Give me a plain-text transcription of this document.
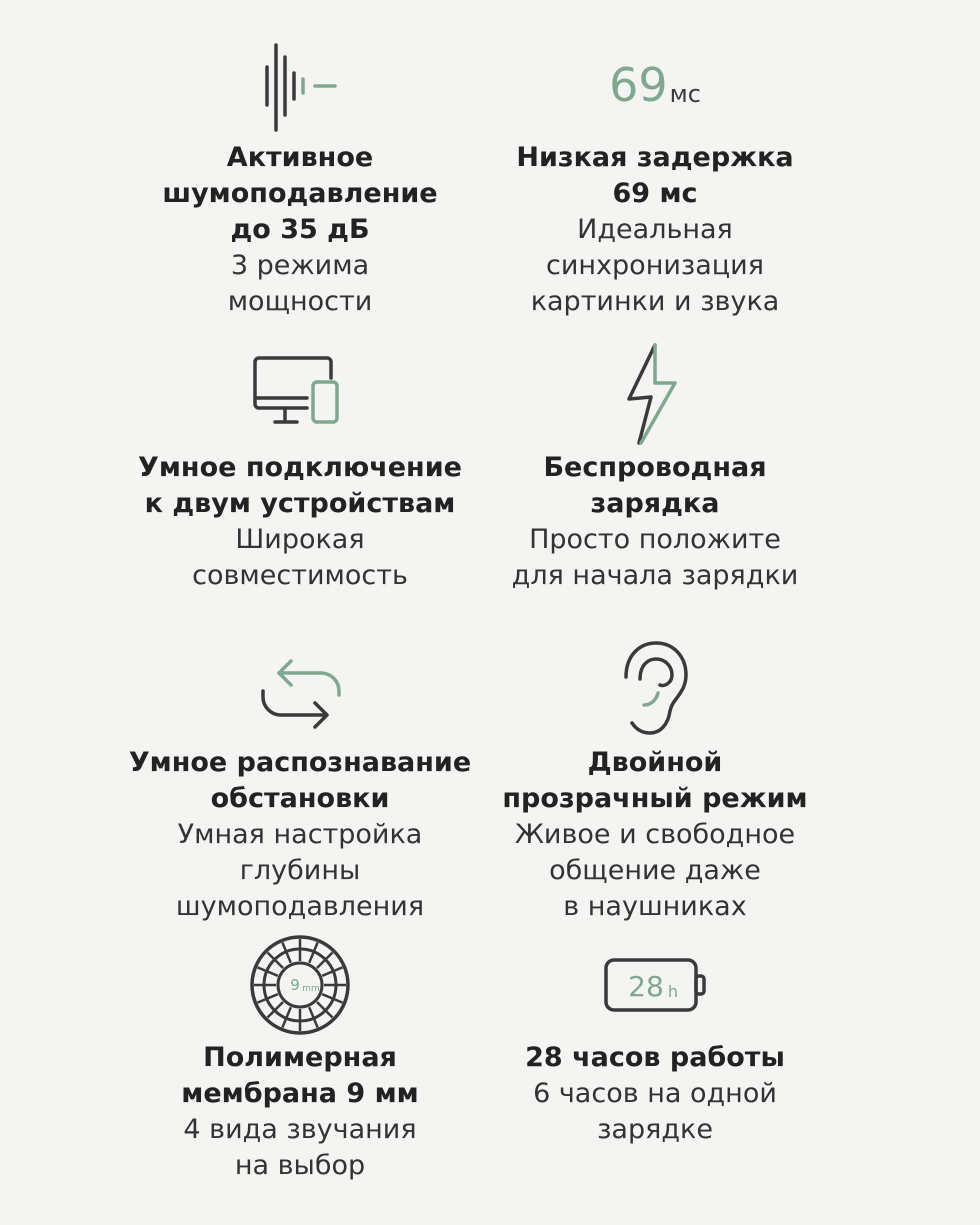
Активное
шумоподавление
до 35 дБ
3 режима
мощности
69 мс
Низкая задержка
69 мс
Идеальная
синхронизация
картинки и звука
Умное подключение
к двум устройствам
Широкая
совместимость
Беспроводная
зарядка
Просто положите
для начала зарядки
Умное распознавание
обстановки
Умная настройка
глубины
шумоподавления
Двойной
прозрачный режим
Живое и свободное
общение даже
в наушниках
9 mm
Полимерная
мембрана 9 мм
4 вида звучания
на выбор
28 h
28 часов работы
6 часов на одной
зарядке
